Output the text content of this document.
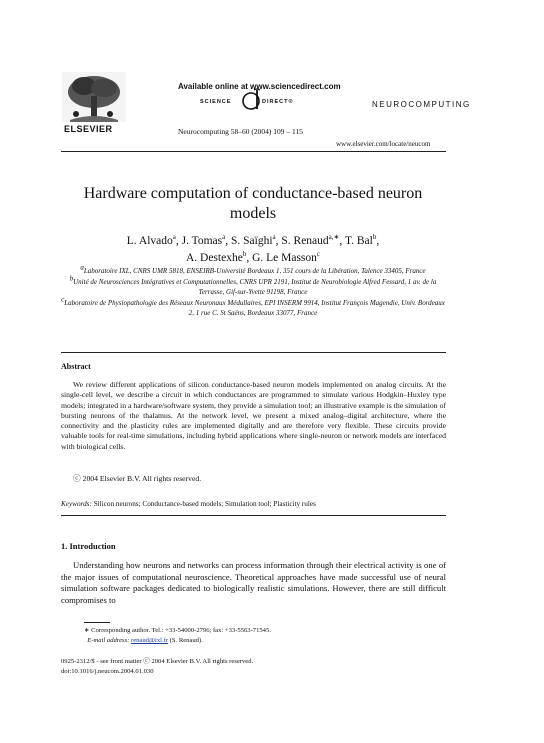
ELSEVIER
Available online at www.sciencedirect.com
SCIENCE	DIRECT®
Neurocomputing 58–60 (2004) 109 – 115
NEUROCOMPUTING
www.elsevier.com/locate/neucom
Hardware computation of conductance-based neuron models
L. Alvado$^a$, J. Tomas$^a$, S. Saïghi$^a$, S. Renaud$^{a,∗}$, T. Bal$^b$,
A. Destexhe$^b$, G. Le Masson$^c$
aLaboratoire IXL, CNRS UMR 5818, ENSEIRB-Université Bordeaux 1, 351 cours de la Libération, Talence 33405, France
bUnité de Neurosciences Intégratives et Computationnelles, CNRS UPR 2191, Institut de Neurobiologie Alfred Fessard, 1 av. de la Terrasse, Gif-sur-Yvette 91198, France
cLaboratoire de Physiopathologie des Réseaux Neuronaux Médullaires, EPI INSERM 9914, Institut François Magendie, Univ. Bordeaux 2, 1 rue C. St Saëns, Bordeaux 33077, France
Abstract
We review different applications of silicon conductance-based neuron models implemented on analog circuits. At the single-cell level, we describe a circuit in which conductances are programmed to simulate various Hodgkin–Huxley type models; integrated in a hardware/software system, they provide a simulation tool; an illustrative example is the simulation of bursting neurons of the thalamus. At the network level, we present a mixed analog–digital architecture, where the connectivity and the plasticity rules are implemented digitally and are therefore very flexible. These circuits provide valuable tools for real-time simulations, including hybrid applications where single-neuron or network models are interfaced with biological cells.
ⓒ 2004 Elsevier B.V. All rights reserved.
Keywords: Silicon neurons; Conductance-based models; Simulation tool; Plasticity rules
1. Introduction
Understanding how neurons and networks can process information through their electrical activity is one of the major issues of computational neuroscience. Theoretical approaches have made successful use of neural simulation software packages dedicated to biologically realistic simulations. However, there are still difficult compromises to
∗ Corresponding author. Tel.: +33-54000-2796; fax: +33-5563-71545.
E-mail address: renaud@ixl.fr (S. Renaud).
0925-2312/$ - see front matter ⓒ 2004 Elsevier B.V. All rights reserved.
doi:10.1016/j.neucom.2004.01.030
